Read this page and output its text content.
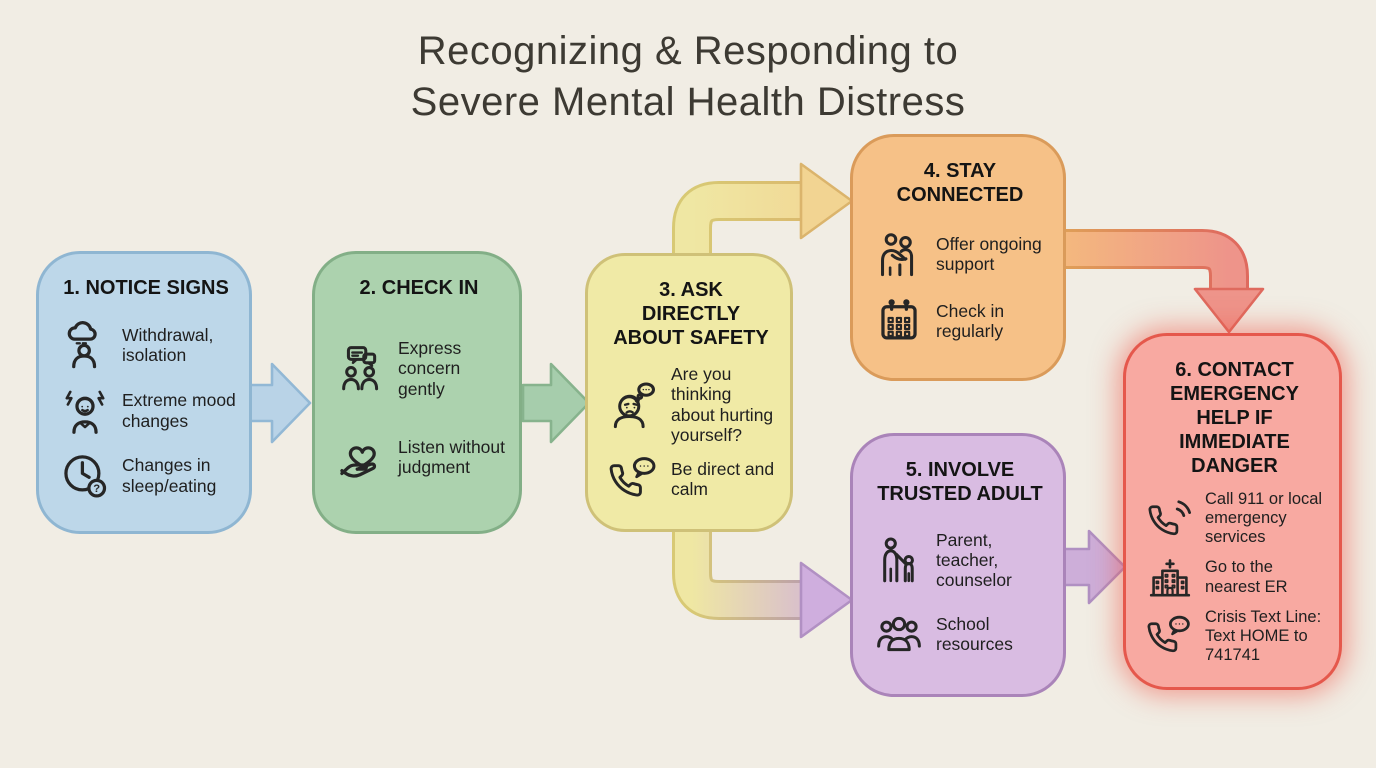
Recognizing & Responding to
Severe Mental Health Distress
1. NOTICE SIGNS
Withdrawal, isolation
Extreme mood changes
?
Changes in sleep/eating
2. CHECK IN
Express concern gently
Listen without judgment
3. ASK DIRECTLY ABOUT SAFETY
Are you thinking about hurting yourself?
Be direct and calm
4. STAY CONNECTED
Offer ongoing support
Check in regularly
5. INVOLVE TRUSTED ADULT
Parent, teacher, counselor
School resources
6. CONTACT EMERGENCY HELP IF IMMEDIATE DANGER
Call 911 or local emergency services
Go to the nearest ER
Crisis Text Line: Text HOME to 741741
